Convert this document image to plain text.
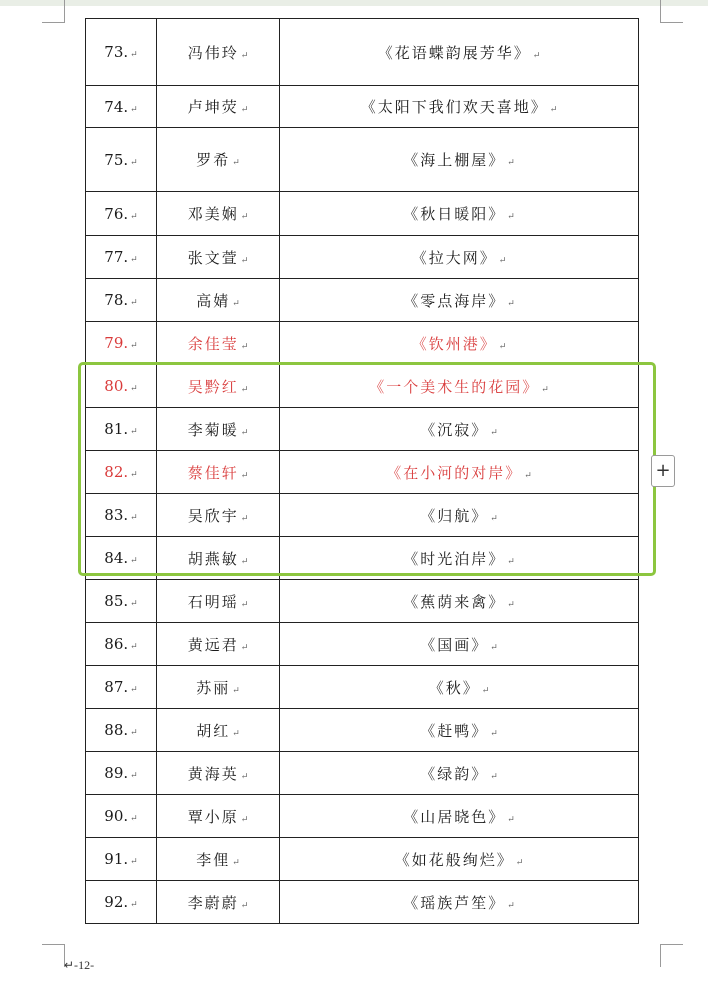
73. ↵	冯伟玲 ↵	《花语蝶韵展芳华》 ↵
74. ↵	卢坤荧 ↵	《太阳下我们欢天喜地》 ↵
75. ↵	罗希 ↵	《海上棚屋》 ↵
76. ↵	邓美娴 ↵	《秋日暖阳》 ↵
77. ↵	张文萱 ↵	《拉大网》 ↵
78. ↵	高婧 ↵	《零点海岸》 ↵
79. ↵	余佳莹 ↵	《钦州港》 ↵
80. ↵	吴黔红 ↵	《一个美术生的花园》 ↵
81. ↵	李菊暖 ↵	《沉寂》 ↵
82. ↵	蔡佳轩 ↵	《在小河的对岸》 ↵
83. ↵	吴欣宇 ↵	《归航》 ↵
84. ↵	胡燕敏 ↵	《时光泊岸》 ↵
85. ↵	石明瑶 ↵	《蕉荫来禽》 ↵
86. ↵	黄远君 ↵	《国画》 ↵
87. ↵	苏丽 ↵	《秋》 ↵
88. ↵	胡红 ↵	《赶鸭》 ↵
89. ↵	黄海英 ↵	《绿韵》 ↵
90. ↵	覃小原 ↵	《山居晓色》 ↵
91. ↵	李俚 ↵	《如花般绚烂》 ↵
92. ↵	李蔚蔚 ↵	《瑶族芦笙》 ↵
+
↵-12-
